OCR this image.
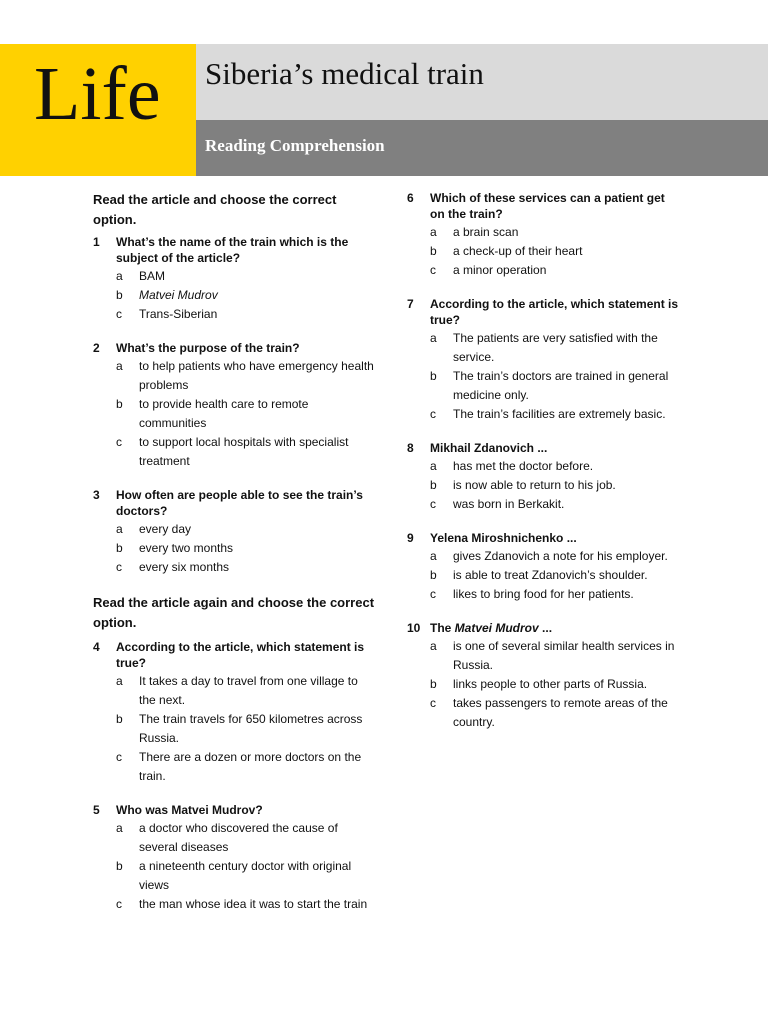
Life Siberia’s medical train
Reading Comprehension

Read the article and choose the correct option.

1	What’s the name of the train which is the subject of the article?
a	BAM
b	Matvei Mudrov
c	Trans-Siberian
2	What’s the purpose of the train?
a	to help patients who have emergency health problems
b	to provide health care to remote communities
c	to support local hospitals with specialist treatment
3	How often are people able to see the train’s doctors?
a	every day
b	every two months
c	every six months

Read the article again and choose the correct option.

4	According to the article, which statement is true?
a	It takes a day to travel from one village to the next.
b	The train travels for 650 kilometres across Russia.
c	There are a dozen or more doctors on the train.
5	Who was Matvei Mudrov?
a	a doctor who discovered the cause of several diseases
b	a nineteenth century doctor with original views
c	the man whose idea it was to start the train
6	Which of these services can a patient get on the train?
a	a brain scan
b	a check-up of their heart
c	a minor operation
7	According to the article, which statement is true?
a	The patients are very satisfied with the service.
b	The train’s doctors are trained in general medicine only.
c	The train’s facilities are extremely basic.
8	Mikhail Zdanovich ...
a	has met the doctor before.
b	is now able to return to his job.
c	was born in Berkakit.
9	Yelena Miroshnichenko ...
a	gives Zdanovich a note for his employer.
b	is able to treat Zdanovich’s shoulder.
c	likes to bring food for her patients.
10 The Matvei Mudrov ...
a	is one of several similar health services in Russia.
b	links people to other parts of Russia.
c	takes passengers to remote areas of the country.
